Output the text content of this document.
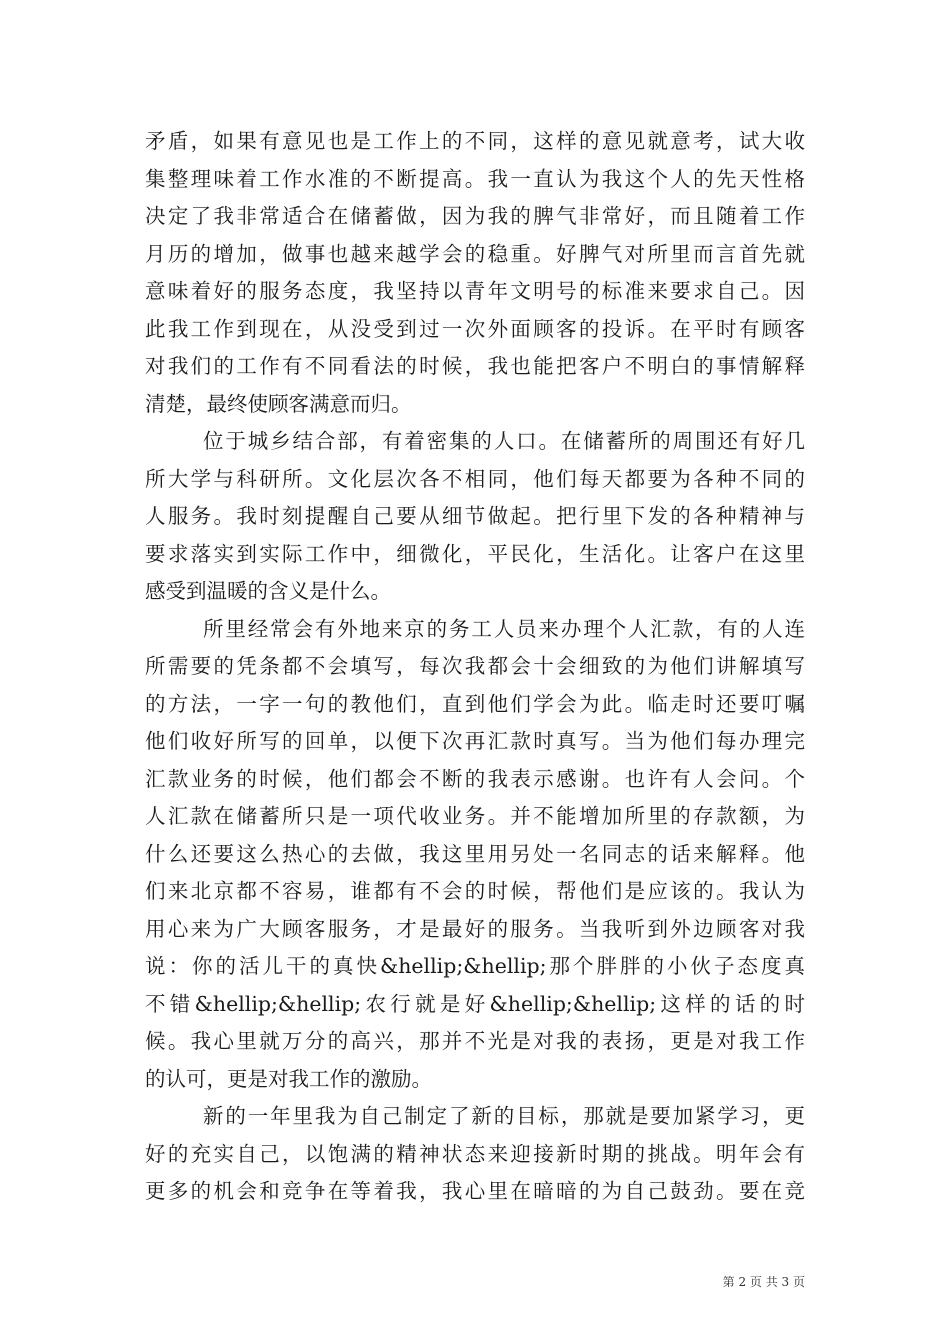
矛盾，如果有意见也是工作上的不同，这样的意见就意考，试大收
集整理味着工作水准的不断提高。我一直认为我这个人的先天性格
决定了我非常适合在储蓄做，因为我的脾气非常好，而且随着工作
月历的增加，做事也越来越学会的稳重。好脾气对所里而言首先就
意味着好的服务态度，我坚持以青年文明号的标准来要求自己。因
此我工作到现在，从没受到过一次外面顾客的投诉。在平时有顾客
对我们的工作有不同看法的时候，我也能把客户不明白的事情解释
清楚，最终使顾客满意而归。
位于城乡结合部，有着密集的人口。在储蓄所的周围还有好几
所大学与科研所。文化层次各不相同，他们每天都要为各种不同的
人服务。我时刻提醒自己要从细节做起。把行里下发的各种精神与
要求落实到实际工作中，细微化，平民化，生活化。让客户在这里
感受到温暖的含义是什么。
所里经常会有外地来京的务工人员来办理个人汇款，有的人连
所需要的凭条都不会填写，每次我都会十会细致的为他们讲解填写
的方法，一字一句的教他们，直到他们学会为此。临走时还要叮嘱
他们收好所写的回单，以便下次再汇款时真写。当为他们每办理完
汇款业务的时候，他们都会不断的我表示感谢。也许有人会问。个
人汇款在储蓄所只是一项代收业务。并不能增加所里的存款额，为
什么还要这么热心的去做，我这里用另处一名同志的话来解释。他
们来北京都不容易，谁都有不会的时候，帮他们是应该的。我认为
用心来为广大顾客服务，才是最好的服务。当我听到外边顾客对我
说：你的活儿干的真快&hellip;&hellip;那个胖胖的小伙子态度真
不错&hellip;&hellip;农行就是好&hellip;&hellip;这样的话的时
候。我心里就万分的高兴，那并不光是对我的表扬，更是对我工作
的认可，更是对我工作的激励。
新的一年里我为自己制定了新的目标，那就是要加紧学习，更
好的充实自己，以饱满的精神状态来迎接新时期的挑战。明年会有
更多的机会和竞争在等着我，我心里在暗暗的为自己鼓劲。要在竞
第 2 页 共 3 页
